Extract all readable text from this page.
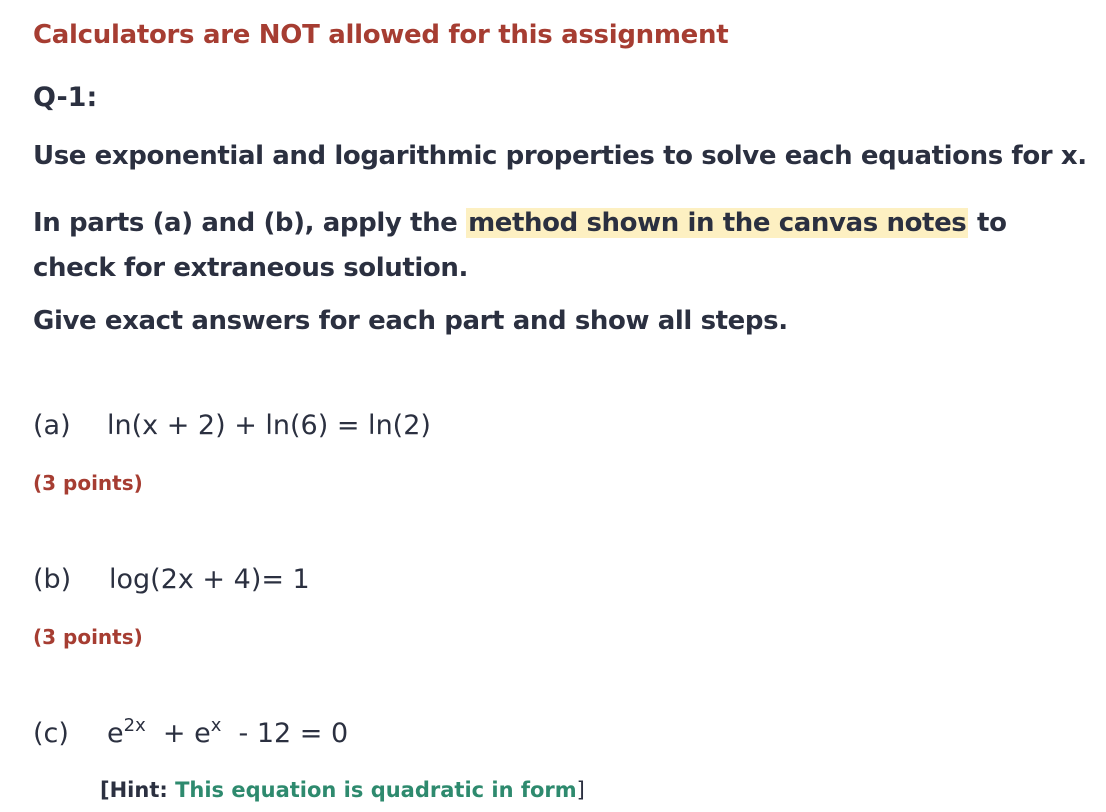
Calculators are NOT allowed for this assignment
Q-1:
Use exponential and logarithmic properties to solve each equations for x.
In parts (a) and (b), apply the method shown in the canvas notes to check for extraneous solution.
Give exact answers for each part and show all steps.
(a) ln(x + 2) + ln(6) = ln(2)
(3 points)
(b) log(2x + 4)= 1
(3 points)
(c) $e^{2x} + e^x - 12 = 0$
[Hint: This equation is quadratic in form]
